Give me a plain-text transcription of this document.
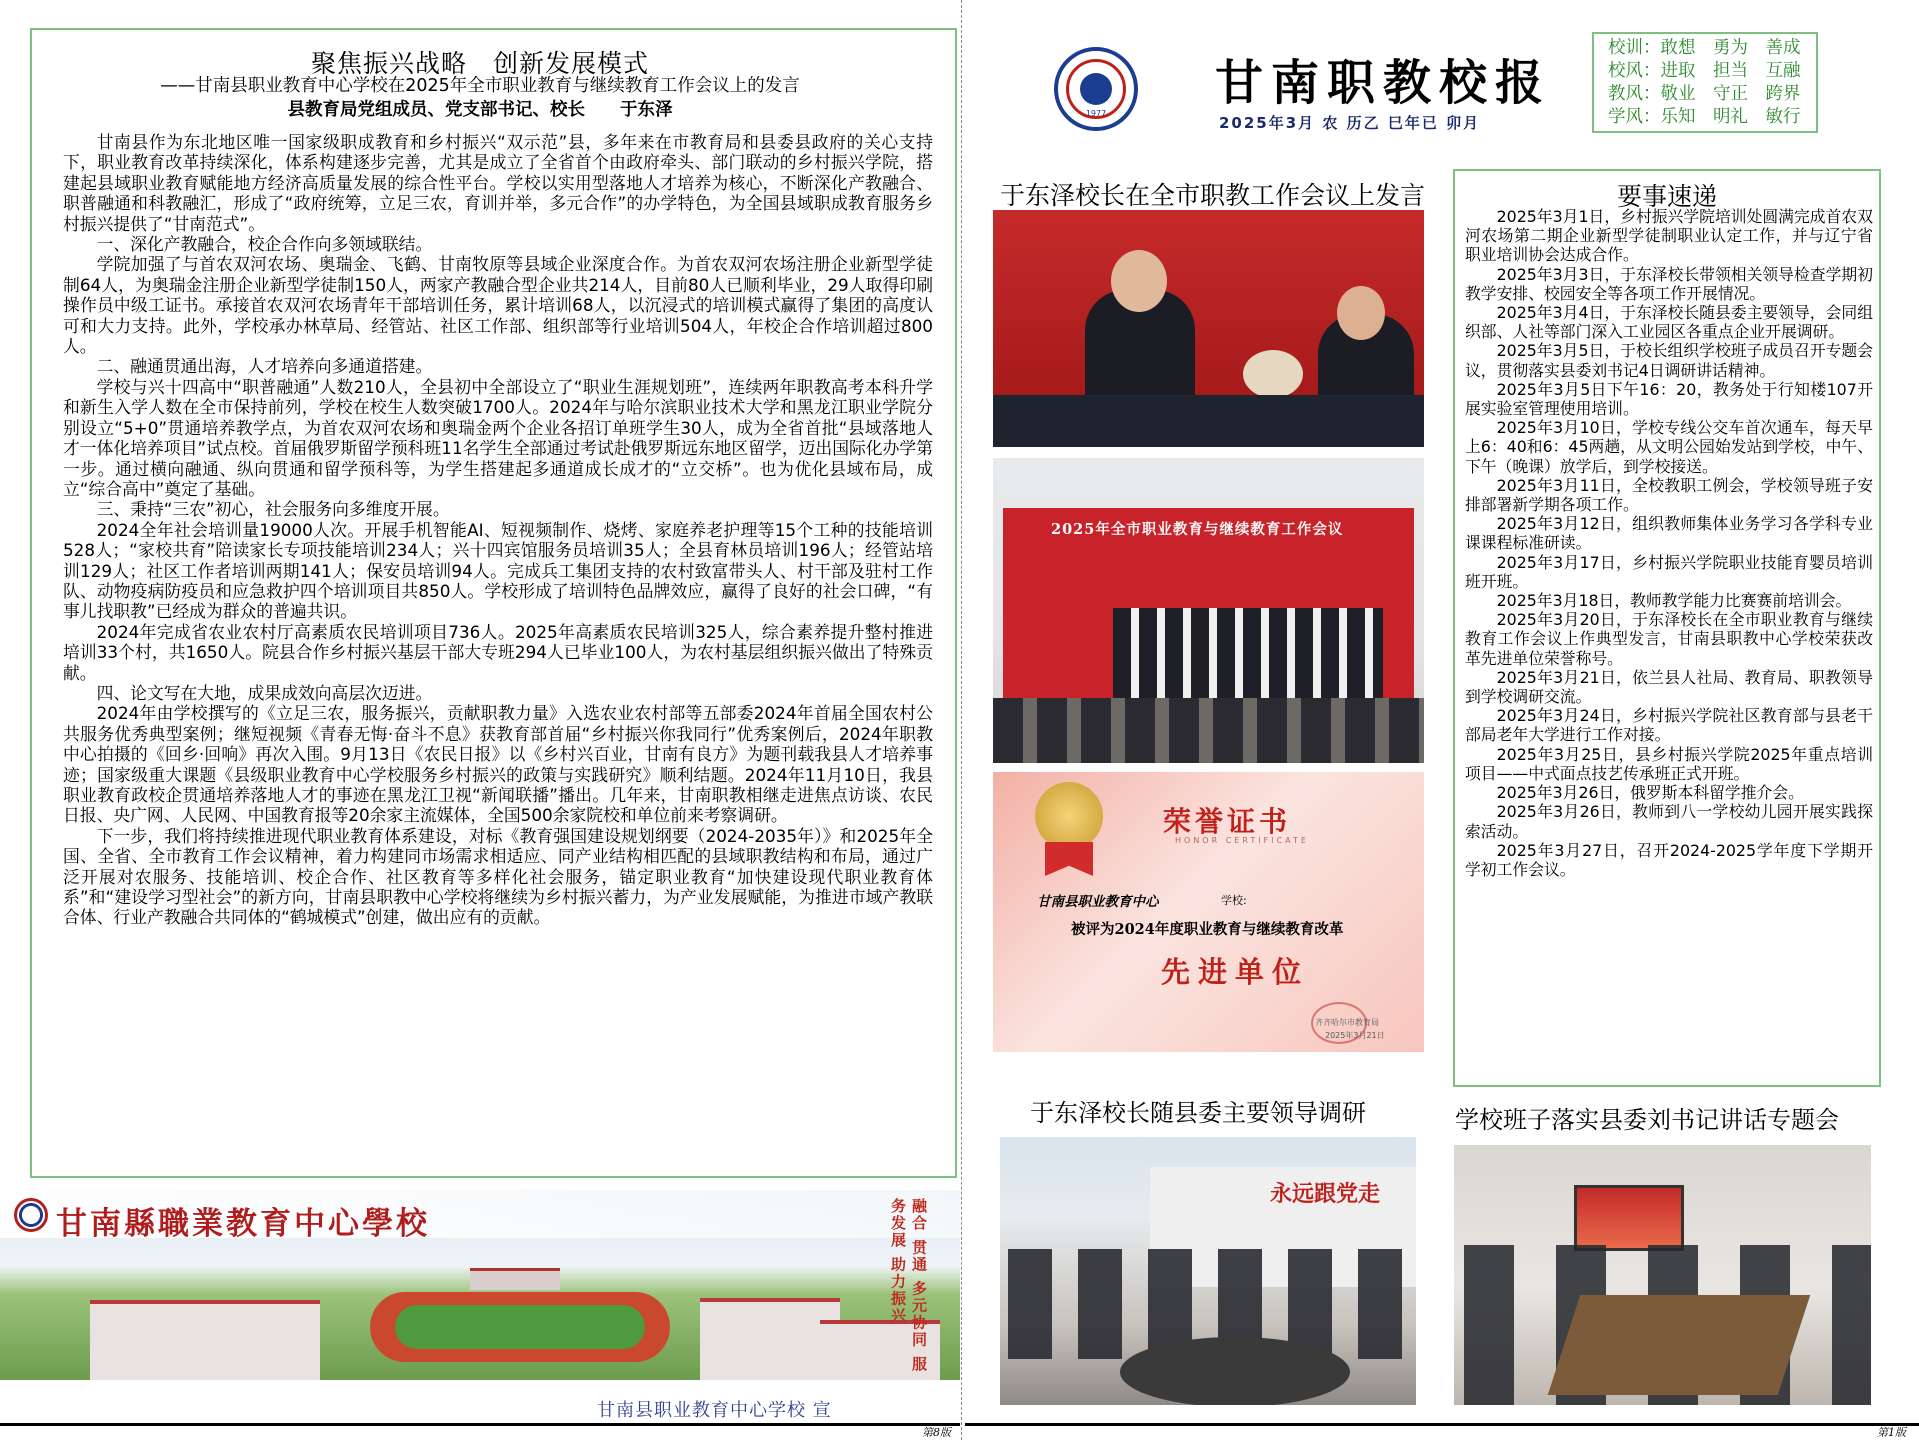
聚焦振兴战略　创新发展模式
——甘南县职业教育中心学校在2025年全市职业教育与继续教育工作会议上的发言
县教育局党组成员、党支部书记、校长　　于东泽

甘南县作为东北地区唯一国家级职成教育和乡村振兴“双示范”县，多年来在市教育局和县委县政府的关心支持下，职业教育改革持续深化，体系构建逐步完善，尤其是成立了全省首个由政府牵头、部门联动的乡村振兴学院，搭建起县域职业教育赋能地方经济高质量发展的综合性平台。学校以实用型落地人才培养为核心，不断深化产教融合、职普融通和科教融汇，形成了“政府统筹，立足三农，育训并举，多元合作”的办学特色，为全国县域职成教育服务乡村振兴提供了“甘南范式”。

一、深化产教融合，校企合作向多领域联结。

学院加强了与首农双河农场、奥瑞金、飞鹤、甘南牧原等县域企业深度合作。为首农双河农场注册企业新型学徒制64人，为奥瑞金注册企业新型学徒制150人，两家产教融合型企业共214人，目前80人已顺利毕业，29人取得印刷操作员中级工证书。承接首农双河农场青年干部培训任务，累计培训68人，以沉浸式的培训模式赢得了集团的高度认可和大力支持。此外，学校承办林草局、经管站、社区工作部、组织部等行业培训504人，年校企合作培训超过800人。

二、融通贯通出海，人才培养向多通道搭建。

学校与兴十四高中“职普融通”人数210人，全县初中全部设立了“职业生涯规划班”，连续两年职教高考本科升学和新生入学人数在全市保持前列，学校在校生人数突破1700人。2024年与哈尔滨职业技术大学和黑龙江职业学院分别设立“5+0”贯通培养教学点，为首农双河农场和奥瑞金两个企业各招订单班学生30人，成为全省首批“县域落地人才一体化培养项目”试点校。首届俄罗斯留学预科班11名学生全部通过考试赴俄罗斯远东地区留学，迈出国际化办学第一步。通过横向融通、纵向贯通和留学预科等，为学生搭建起多通道成长成才的“立交桥”。也为优化县域布局，成立“综合高中”奠定了基础。

三、秉持“三农”初心，社会服务向多维度开展。

2024全年社会培训量19000人次。开展手机智能AI、短视频制作、烧烤、家庭养老护理等15个工种的技能培训528人；“家校共育”陪读家长专项技能培训234人；兴十四宾馆服务员培训35人；全县育林员培训196人；经管站培训129人；社区工作者培训两期141人；保安员培训94人。完成兵工集团支持的农村致富带头人、村干部及驻村工作队、动物疫病防疫员和应急救护四个培训项目共850人。学校形成了培训特色品牌效应，赢得了良好的社会口碑，“有事儿找职教”已经成为群众的普遍共识。

2024年完成省农业农村厅高素质农民培训项目736人。2025年高素质农民培训325人，综合素养提升整村推进培训33个村，共1650人。院县合作乡村振兴基层干部大专班294人已毕业100人，为农村基层组织振兴做出了特殊贡献。

四、论文写在大地，成果成效向高层次迈进。

2024年由学校撰写的《立足三农，服务振兴，贡献职教力量》入选农业农村部等五部委2024年首届全国农村公共服务优秀典型案例；继短视频《青春无悔·奋斗不息》获教育部首届“乡村振兴你我同行”优秀案例后，2024年职教中心拍摄的《回乡·回响》再次入围。9月13日《农民日报》以《乡村兴百业，甘南有良方》为题刊载我县人才培养事迹；国家级重大课题《县级职业教育中心学校服务乡村振兴的政策与实践研究》顺利结题。2024年11月10日，我县职业教育政校企贯通培养落地人才的事迹在黑龙江卫视“新闻联播”播出。几年来，甘南职教相继走进焦点访谈、农民日报、央广网、人民网、中国教育报等20余家主流媒体，全国500余家院校和单位前来考察调研。

下一步，我们将持续推进现代职业教育体系建设，对标《教育强国建设规划纲要（2024-2035年）》和2025年全国、全省、全市教育工作会议精神，着力构建同市场需求相适应、同产业结构相匹配的县域职教结构和布局，通过广泛开展对农服务、技能培训、校企合作、社区教育等多样化社会服务，锚定职业教育“加快建设现代职业教育体系”和“建设学习型社会”的新方向，甘南县职教中心学校将继续为乡村振兴蓄力，为产业发展赋能，为推进市域产教联合体、行业产教融合共同体的“鹤城模式”创建，做出应有的贡献。

甘南縣職業教育中心學校	融合 贯通 多元协同 服务发展 助力振兴
甘南县职业教育中心学校 宣
第8版
1977
甘南职教校报
2025年3月 农 历乙 巳年已 卯月
校训：敢想　勇为　善成
校风：进取　担当　互融
教风：敬业　守正　跨界
学风：乐知　明礼　敏行
于东泽校长在全市职教工作会议上发言
2025年全市职业教育与继续教育工作会议
荣誉证书
HONOR CERTIFICATE
甘南县职业教育中心	学校:
被评为2024年度职业教育与继续教育改革
先进单位
齐齐哈尔市教育局
2025年3月21日
要事速递

2025年3月1日，乡村振兴学院培训处圆满完成首农双河农场第二期企业新型学徒制职业认定工作，并与辽宁省职业培训协会达成合作。

2025年3月3日，于东泽校长带领相关领导检查学期初教学安排、校园安全等各项工作开展情况。

2025年3月4日，于东泽校长随县委主要领导，会同组织部、人社等部门深入工业园区各重点企业开展调研。

2025年3月5日，于校长组织学校班子成员召开专题会议，贯彻落实县委刘书记4日调研讲话精神。

2025年3月5日下午16：20，教务处于行知楼107开展实验室管理使用培训。

2025年3月10日，学校专线公交车首次通车，每天早上6：40和6：45两趟，从文明公园始发站到学校，中午、下午（晚课）放学后，到学校接送。

2025年3月11日，全校教职工例会，学校领导班子安排部署新学期各项工作。

2025年3月12日，组织教师集体业务学习各学科专业课课程标准研读。

2025年3月17日，乡村振兴学院职业技能育婴员培训班开班。

2025年3月18日，教师教学能力比赛赛前培训会。

2025年3月20日，于东泽校长在全市职业教育与继续教育工作会议上作典型发言，甘南县职教中心学校荣获改革先进单位荣誉称号。

2025年3月21日，依兰县人社局、教育局、职教领导到学校调研交流。

2025年3月24日，乡村振兴学院社区教育部与县老干部局老年大学进行工作对接。

2025年3月25日，县乡村振兴学院2025年重点培训项目——中式面点技艺传承班正式开班。

2025年3月26日，俄罗斯本科留学推介会。

2025年3月26日，教师到八一学校幼儿园开展实践探索活动。

2025年3月27日，召开2024-2025学年度下学期开学初工作会议。

于东泽校长随县委主要领导调研	学校班子落实县委刘书记讲话专题会
永远跟党走
第1版
